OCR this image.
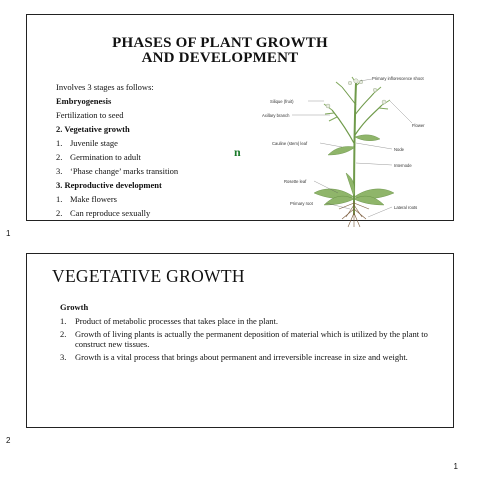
PHASES OF PLANT GROWTH
AND DEVELOPMENT
Involves 3 stages as follows:
Embryogenesis
Fertilization to seed
2. Vegetative growth
1. Juvenile stage
2. Germination to adult
3. ‘Phase change’ marks transition
3. Reproductive development
1. Make flowers
2. Can reproduce sexually
n
Primary inflorescence shoot
Silique (fruit)
Axillary branch
Flower
Cauline (stem) leaf
Node
Internode
Rosette leaf
Primary root
Lateral roots
1
VEGETATIVE GROWTH
Growth
1.	Product of metabolic processes that takes place in the plant.
2.	Growth of living plants is actually the permanent deposition of material which is utilized by the plant to construct new tissues.
3.	Growth is a vital process that brings about permanent and irreversible increase in size and weight.
2
1
